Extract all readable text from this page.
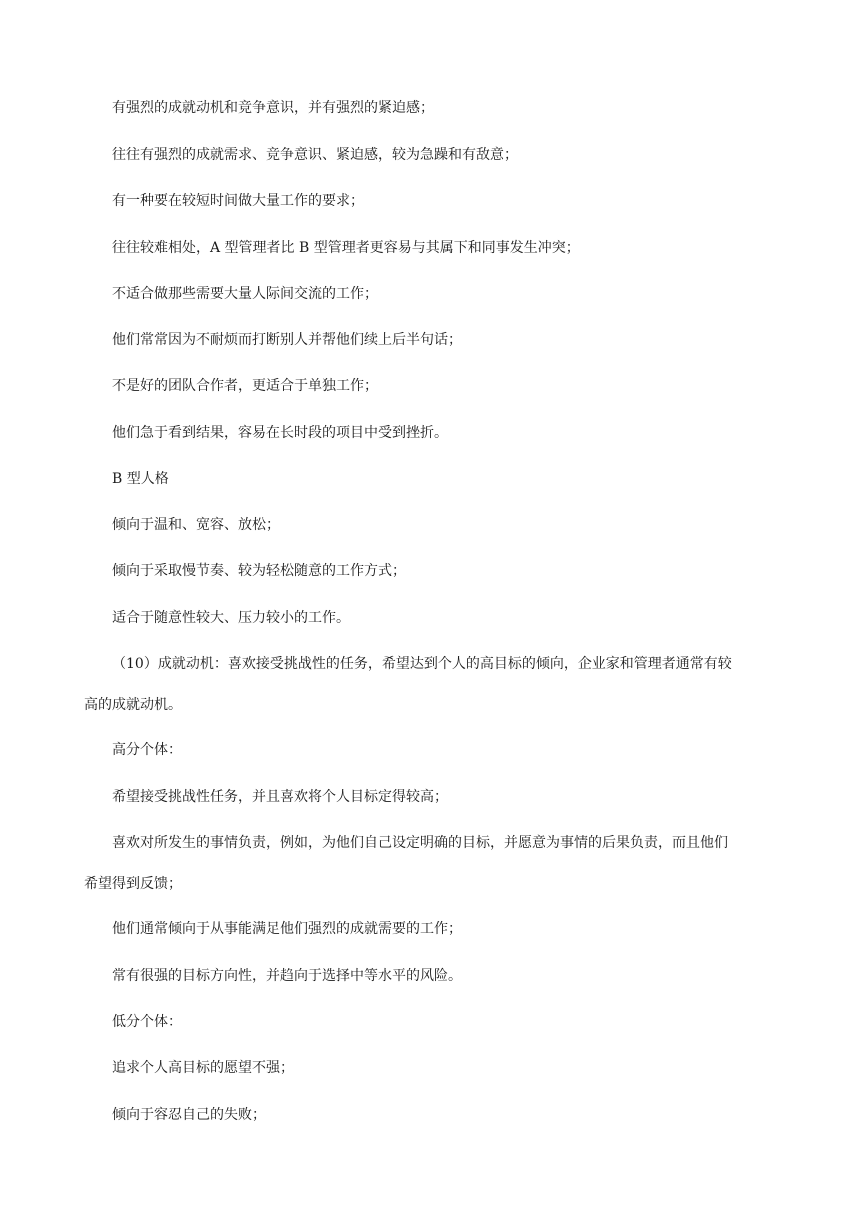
有强烈的成就动机和竞争意识，并有强烈的紧迫感；
往往有强烈的成就需求、竞争意识、紧迫感，较为急躁和有敌意；
有一种要在较短时间做大量工作的要求；
往往较难相处，A 型管理者比 B 型管理者更容易与其属下和同事发生冲突；
不适合做那些需要大量人际间交流的工作；
他们常常因为不耐烦而打断别人并帮他们续上后半句话；
不是好的团队合作者，更适合于单独工作；
他们急于看到结果，容易在长时段的项目中受到挫折。
B 型人格
倾向于温和、宽容、放松；
倾向于采取慢节奏、较为轻松随意的工作方式；
适合于随意性较大、压力较小的工作。
（10）成就动机：喜欢接受挑战性的任务，希望达到个人的高目标的倾向，企业家和管理者通常有较
高的成就动机。
高分个体：
希望接受挑战性任务，并且喜欢将个人目标定得较高；
喜欢对所发生的事情负责，例如，为他们自己设定明确的目标，并愿意为事情的后果负责，而且他们
希望得到反馈；
他们通常倾向于从事能满足他们强烈的成就需要的工作；
常有很强的目标方向性，并趋向于选择中等水平的风险。
低分个体：
追求个人高目标的愿望不强；
倾向于容忍自己的失败；
